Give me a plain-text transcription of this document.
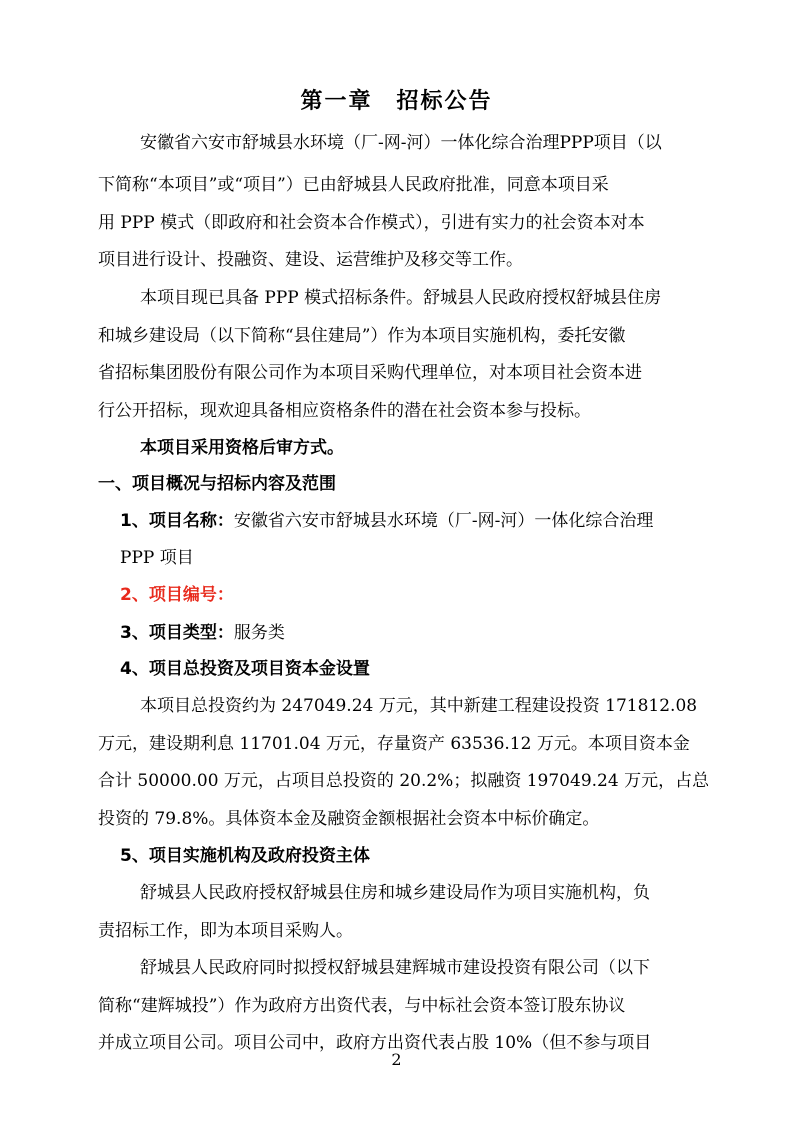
第一章　招标公告
安徽省六安市舒城县水环境（厂-网-河）一体化综合治理PPP项目（以
下简称“本项目”或“项目”）已由舒城县人民政府批准，同意本项目采
用 PPP 模式（即政府和社会资本合作模式），引进有实力的社会资本对本
项目进行设计、投融资、建设、运营维护及移交等工作。
本项目现已具备 PPP 模式招标条件。舒城县人民政府授权舒城县住房
和城乡建设局（以下简称“县住建局”）作为本项目实施机构，委托安徽
省招标集团股份有限公司作为本项目采购代理单位，对本项目社会资本进
行公开招标，现欢迎具备相应资格条件的潜在社会资本参与投标。
本项目采用资格后审方式。
一、项目概况与招标内容及范围
1、项目名称：安徽省六安市舒城县水环境（厂-网-河）一体化综合治理
PPP 项目
2、项目编号：
3、项目类型：服务类
4、项目总投资及项目资本金设置
本项目总投资约为 247049.24 万元，其中新建工程建设投资 171812.08
万元，建设期利息 11701.04 万元，存量资产 63536.12 万元。本项目资本金
合计 50000.00 万元，占项目总投资的 20.2%；拟融资 197049.24 万元，占总
投资的 79.8%。具体资本金及融资金额根据社会资本中标价确定。
5、项目实施机构及政府投资主体
舒城县人民政府授权舒城县住房和城乡建设局作为项目实施机构，负
责招标工作，即为本项目采购人。
舒城县人民政府同时拟授权舒城县建辉城市建设投资有限公司（以下
简称“建辉城投”）作为政府方出资代表，与中标社会资本签订股东协议
并成立项目公司。项目公司中，政府方出资代表占股 10%（但不参与项目
2
